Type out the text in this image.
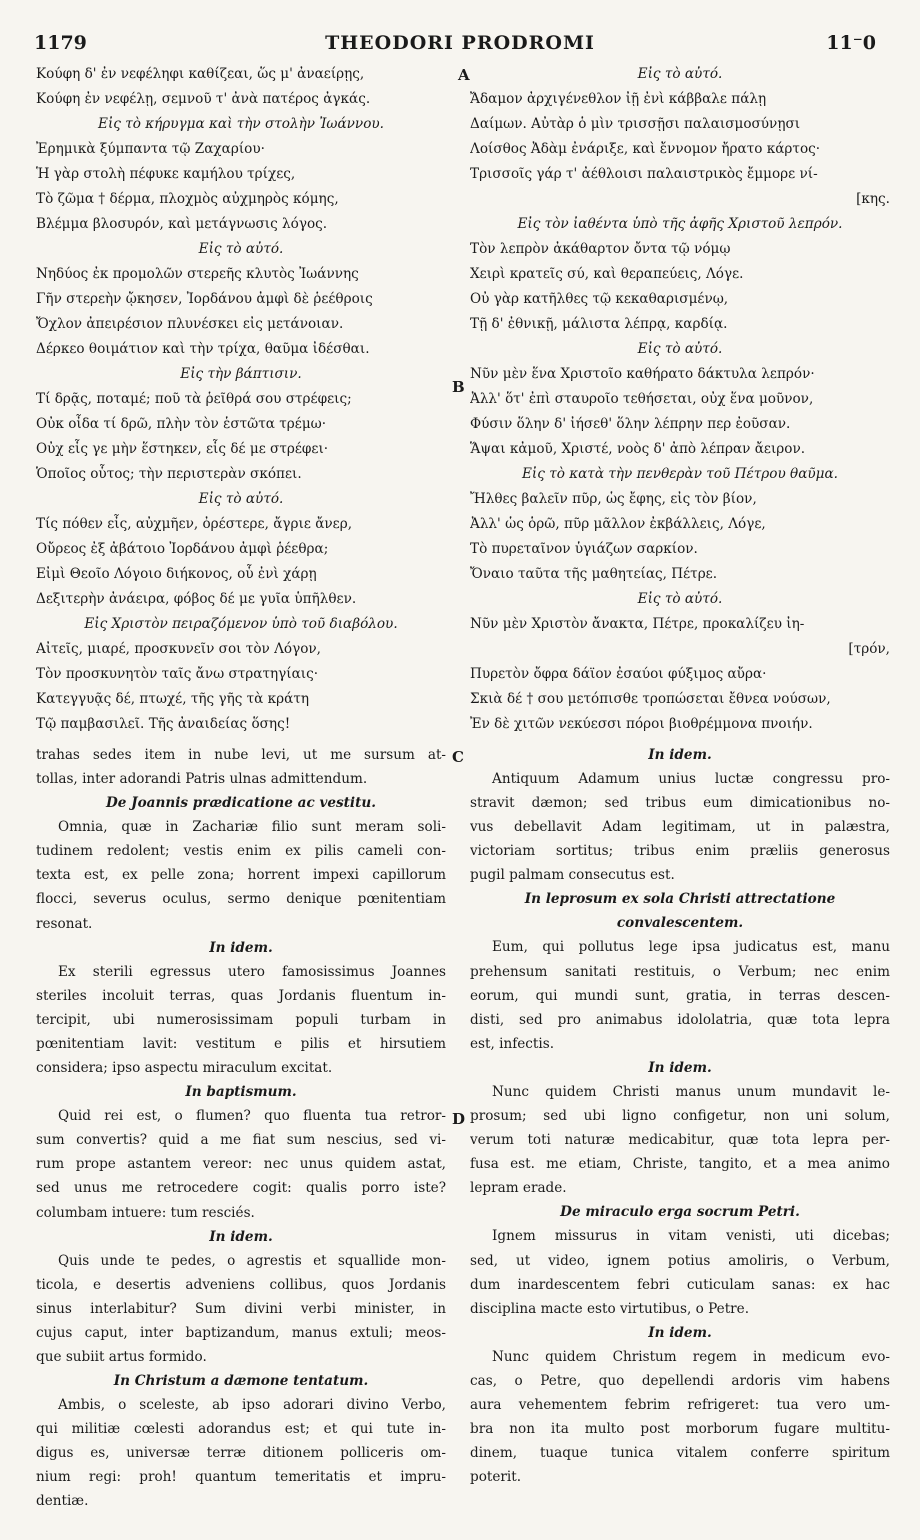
1179	THEODORI PRODROMI	11⁻0
A
B
C
D
Κούφη δ' ἐν νεφέληφι καθίζεαι, ὥς μ' ἀναείρῃς,
Κούφη ἐν νεφέλῃ, σεμνοῦ τ' ἀνὰ πατέρος ἀγκάς.
Εἰς τὸ κήρυγμα καὶ τὴν στολὴν Ἰωάννου.
Ἐρημικὰ ξύμπαντα τῷ Ζαχαρίου·
Ἡ γὰρ στολὴ πέφυκε καμήλου τρίχες,
Τὸ ζῶμα † δέρμα, πλοχμὸς αὐχμηρὸς κόμης,
Βλέμμα βλοσυρόν, καὶ μετάγνωσις λόγος.
Εἰς τὸ αὐτό.
Νηδύος ἐκ προμολῶν στερεῆς κλυτὸς Ἰωάννης
Γῆν στερεὴν ᾤκησεν, Ἰορδάνου ἀμφὶ δὲ ῥεέθροις
Ὄχλον ἀπειρέσιον πλυνέσκει εἰς μετάνοιαν.
Δέρκεο θοιμάτιον καὶ τὴν τρίχα, θαῦμα ἰδέσθαι.
Εἰς τὴν βάπτισιν.
Τί δρᾷς, ποταμέ; ποῦ τὰ ῥεῖθρά σου στρέφεις;
Οὐκ οἶδα τί δρῶ, πλὴν τὸν ἑστῶτα τρέμω·
Οὐχ εἷς γε μὴν ἕστηκεν, εἷς δέ με στρέφει·
Ὁποῖος οὗτος; τὴν περιστερὰν σκόπει.
Εἰς τὸ αὐτό.
Τίς πόθεν εἶς, αὐχμῆεν, ὀρέστερε, ἄγριε ἄνερ,
Οὔρεος ἐξ ἀβάτοιο Ἰορδάνου ἀμφὶ ῥέεθρα;
Εἰμὶ Θεοῖο Λόγοιο διήκονος, οὗ ἐνὶ χάρῃ
Δεξιτερὴν ἀνάειρα, φόβος δέ με γυῖα ὑπῆλθεν.
Εἰς Χριστὸν πειραζόμενον ὑπὸ τοῦ διαβόλου.
Αἰτεῖς, μιαρέ, προσκυνεῖν σοι τὸν Λόγον,
Τὸν προσκυνητὸν ταῖς ἄνω στρατηγίαις·
Κατεγγυᾷς δέ, πτωχέ, τῆς γῆς τὰ κράτη
Τῷ παμβασιλεῖ. Τῆς ἀναιδείας ὅσης!
trahas sedes item in nube levi, ut me sursum at-
tollas, inter adorandi Patris ulnas admittendum.
De Joannis prædicatione ac vestitu.
Omnia, quæ in Zachariæ filio sunt meram soli-
tudinem redolent; vestis enim ex pilis cameli con-
texta est, ex pelle zona; horrent impexi capillorum
flocci, severus oculus, sermo denique pœnitentiam
resonat.
In idem.
Ex sterili egressus utero famosissimus Joannes
steriles incoluit terras, quas Jordanis fluentum in-
tercipit, ubi numerosissimam populi turbam in
pœnitentiam lavit: vestitum e pilis et hirsutiem
considera; ipso aspectu miraculum excitat.
In baptismum.
Quid rei est, o flumen? quo fluenta tua retror-
sum convertis? quid a me fiat sum nescius, sed vi-
rum prope astantem vereor: nec unus quidem astat,
sed unus me retrocedere cogit: qualis porro iste?
columbam intuere: tum resciés.
In idem.
Quis unde te pedes, o agrestis et squallide mon-
ticola, e desertis adveniens collibus, quos Jordanis
sinus interlabitur? Sum divini verbi minister, in
cujus caput, inter baptizandum, manus extuli; meos-
que subiit artus formido.
In Christum a dæmone tentatum.
Ambis, o sceleste, ab ipso adorari divino Verbo,
qui militiæ cœlesti adorandus est; et qui tute in-
digus es, universæ terræ ditionem polliceris om-
nium regi: proh! quantum temeritatis et impru-
dentiæ.
Εἰς τὸ αὐτό.
Ἄδαμον ἀρχιγένεθλον ἰῇ ἐνὶ κάββαλε πάλῃ
Δαίμων. Αὐτὰρ ὁ μὶν τρισσῇσι παλαισμοσύνῃσι
Λοίσθος Ἀδὰμ ἐνάριξε, καὶ ἔννομον ἤρατο κάρτος·
Τρισσοῖς γάρ τ' ἀέθλοισι παλαιστρικὸς ἔμμορε νί-
[κης.
Εἰς τὸν ἰαθέντα ὑπὸ τῆς ἀφῆς Χριστοῦ λεπρόν.
Τὸν λεπρὸν ἀκάθαρτον ὄντα τῷ νόμῳ
Χειρὶ κρατεῖς σύ, καὶ θεραπεύεις, Λόγε.
Οὐ γὰρ κατῆλθες τῷ κεκαθαρισμένῳ,
Τῇ δ' ἐθνικῇ, μάλιστα λέπρᾳ, καρδίᾳ.
Εἰς τὸ αὐτό.
Νῦν μὲν ἕνα Χριστοῖο καθήρατο δάκτυλα λεπρόν·
Ἀλλ' ὅτ' ἐπὶ σταυροῖο τεθήσεται, οὐχ ἕνα μοῦνον,
Φύσιν ὅλην δ' ἰήσεθ' ὅλην λέπρην περ ἐοῦσαν.
Ἅψαι κἀμοῦ, Χριστέ, νοὸς δ' ἀπὸ λέπραν ἄειρον.
Εἰς τὸ κατὰ τὴν πενθερὰν τοῦ Πέτρου θαῦμα.
Ἤλθες βαλεῖν πῦρ, ὡς ἔφης, εἰς τὸν βίον,
Ἀλλ' ὡς ὁρῶ, πῦρ μᾶλλον ἐκβάλλεις, Λόγε,
Τὸ πυρεταῖνον ὑγιάζων σαρκίον.
Ὄναιο ταῦτα τῆς μαθητείας, Πέτρε.
Εἰς τὸ αὐτό.
Νῦν μὲν Χριστὸν ἄνακτα, Πέτρε, προκαλίζευ ἰη-
[τρόν,
Πυρετὸν ὄφρα δάϊον ἐσαύοι φύξιμος αὔρα·
Σκιὰ δέ † σου μετόπισθε τροπώσεται ἔθνεα νούσων,
Ἐν δὲ χιτῶν νεκύεσσι πόροι βιοθρέμμονα πνοιήν.
In idem.
Antiquum Adamum unius luctæ congressu pro-
stravit dæmon; sed tribus eum dimicationibus no-
vus debellavit Adam legitimam, ut in palæstra,
victoriam sortitus; tribus enim præliis generosus
pugil palmam consecutus est.
In leprosum ex sola Christi attrectatione
convalescentem.
Eum, qui pollutus lege ipsa judicatus est, manu
prehensum sanitati restituis, o Verbum; nec enim
eorum, qui mundi sunt, gratia, in terras descen-
disti, sed pro animabus idololatria, quæ tota lepra
est, infectis.
In idem.
Nunc quidem Christi manus unum mundavit le-
prosum; sed ubi ligno configetur, non uni solum,
verum toti naturæ medicabitur, quæ tota lepra per-
fusa est. me etiam, Christe, tangito, et a mea animo
lepram erade.
De miraculo erga socrum Petri.
Ignem missurus in vitam venisti, uti dicebas;
sed, ut video, ignem potius amoliris, o Verbum,
dum inardescentem febri cuticulam sanas: ex hac
disciplina macte esto virtutibus, o Petre.
In idem.
Nunc quidem Christum regem in medicum evo-
cas, o Petre, quo depellendi ardoris vim habens
aura vehementem febrim refrigeret: tua vero um-
bra non ita multo post morborum fugare multitu-
dinem, tuaque tunica vitalem conferre spiritum
poterit.
